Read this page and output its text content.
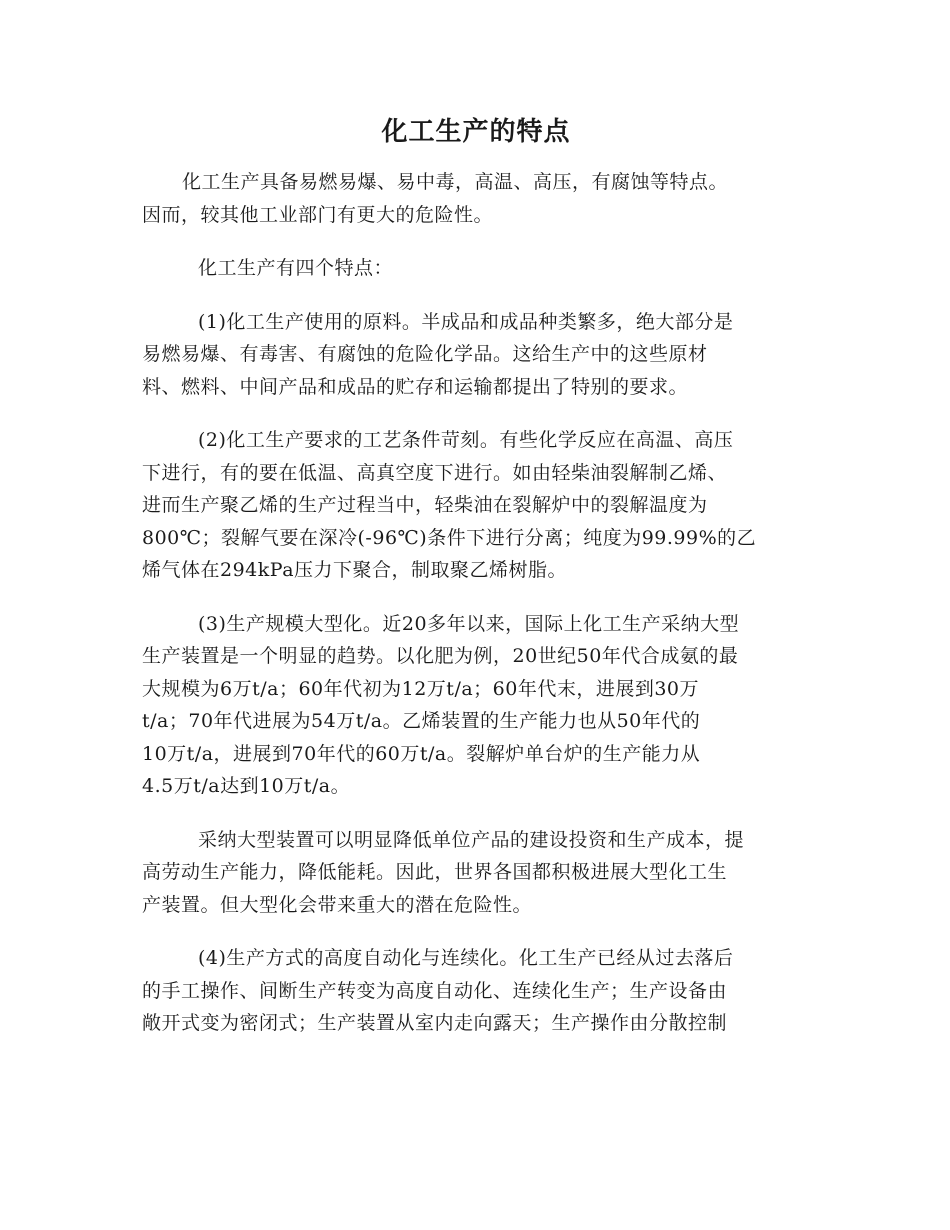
化工生产的特点
化工生产具备易燃易爆、易中毒，高温、高压，有腐蚀等特点。
因而，较其他工业部门有更大的危险性。
化工生产有四个特点：
(1)化工生产使用的原料。半成品和成品种类繁多，绝大部分是
易燃易爆、有毒害、有腐蚀的危险化学品。这给生产中的这些原材
料、燃料、中间产品和成品的贮存和运输都提出了特别的要求。
(2)化工生产要求的工艺条件苛刻。有些化学反应在高温、高压
下进行，有的要在低温、高真空度下进行。如由轻柴油裂解制乙烯、
进而生产聚乙烯的生产过程当中，轻柴油在裂解炉中的裂解温度为
800℃；裂解气要在深冷(-96℃)条件下进行分离；纯度为99.99%的乙
烯气体在294kPa压力下聚合，制取聚乙烯树脂。
(3)生产规模大型化。近20多年以来，国际上化工生产采纳大型
生产装置是一个明显的趋势。以化肥为例，20世纪50年代合成氨的最
大规模为6万t/a；60年代初为12万t/a；60年代末，进展到30万
t/a；70年代进展为54万t/a。乙烯装置的生产能力也从50年代的
10万t/a，进展到70年代的60万t/a。裂解炉单台炉的生产能力从
4.5万t/a达到10万t/a。
采纳大型装置可以明显降低单位产品的建设投资和生产成本，提
高劳动生产能力，降低能耗。因此，世界各国都积极进展大型化工生
产装置。但大型化会带来重大的潜在危险性。
(4)生产方式的高度自动化与连续化。化工生产已经从过去落后
的手工操作、间断生产转变为高度自动化、连续化生产；生产设备由
敞开式变为密闭式；生产装置从室内走向露天；生产操作由分散控制
